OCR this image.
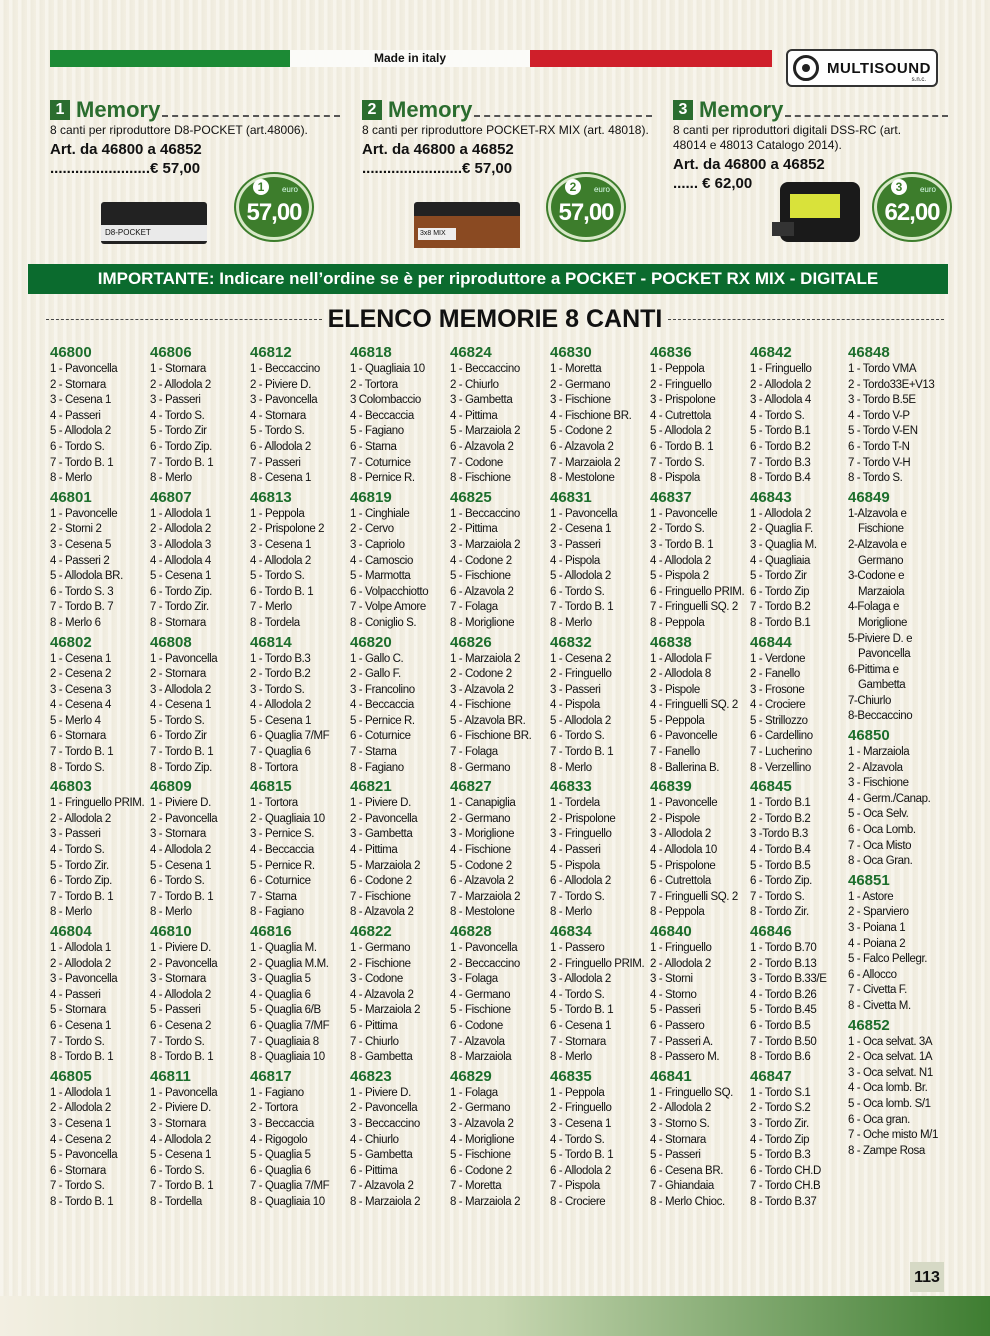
Made in italy
MULTISOUND
s.n.c.
1 Memory
8 canti per riproduttore D8-POCKET (art.48006).
Art. da 46800 a 46852
........................€ 57,00
1	euro
57,00
D8-POCKET
2 Memory
8 canti per riproduttore POCKET-RX MIX (art. 48018).
Art. da 46800 a 46852
........................€ 57,00
2	euro
57,00
3x8 MIX
3 Memory
8 canti per riproduttori digitali DSS-RC (art. 48014 e 48013 Catalogo 2014).
Art. da 46800 a 46852
...... € 62,00	3	euro
62,00
IMPORTANTE: Indicare nell’ordine se è per riproduttore a POCKET - POCKET RX MIX - DIGITALE
ELENCO MEMORIE 8 CANTI
46800
1 - Pavoncella
2 - Stornara
3 - Cesena 1
4 - Passeri
5 - Allodola 2
6 - Tordo S.
7 - Tordo B. 1
8 - Merlo
46801
1 - Pavoncelle
2 - Storni 2
3 - Cesena 5
4 - Passeri 2
5 - Allodola BR.
6 - Tordo S. 3
7 - Tordo B. 7
8 - Merlo 6
46802
1 - Cesena 1
2 - Cesena 2
3 - Cesena 3
4 - Cesena 4
5 - Merlo 4
6 - Stornara
7 - Tordo B. 1
8 - Tordo S.
46803
1 - Fringuello PRIM.
2 - Allodola 2
3 - Passeri
4 - Tordo S.
5 - Tordo Zir.
6 - Tordo Zip.
7 - Tordo B. 1
8 - Merlo
46804
1 - Allodola 1
2 - Allodola 2
3 - Pavoncella
4 - Passeri
5 - Stornara
6 - Cesena 1
7 - Tordo S.
8 - Tordo B. 1
46805
1 - Allodola 1
2 - Allodola 2
3 - Cesena 1
4 - Cesena 2
5 - Pavoncella
6 - Stornara
7 - Tordo S.
8 - Tordo B. 1
46806
1 - Stornara
2 - Allodola 2
3 - Passeri
4 - Tordo S.
5 - Tordo Zir
6 - Tordo Zip.
7 - Tordo B. 1
8 - Merlo
46807
1 - Allodola 1
2 - Allodola 2
3 - Allodola 3
4 - Allodola 4
5 - Cesena 1
6 - Tordo Zip.
7 - Tordo Zir.
8 - Stornara
46808
1 - Pavoncella
2 - Stornara
3 - Allodola 2
4 - Cesena 1
5 - Tordo S.
6 - Tordo Zir
7 - Tordo B. 1
8 - Tordo Zip.
46809
1 - Piviere D.
2 - Pavoncella
3 - Stornara
4 - Allodola 2
5 - Cesena 1
6 - Tordo S.
7 - Tordo B. 1
8 - Merlo
46810
1 - Piviere D.
2 - Pavoncella
3 - Stornara
4 - Allodola 2
5 - Passeri
6 - Cesena 2
7 - Tordo S.
8 - Tordo B. 1
46811
1 - Pavoncella
2 - Piviere D.
3 - Stornara
4 - Allodola 2
5 - Cesena 1
6 - Tordo S.
7 - Tordo B. 1
8 - Tordella
46812
1 - Beccaccino
2 - Piviere D.
3 - Pavoncella
4 - Stornara
5 - Tordo S.
6 - Allodola 2
7 - Passeri
8 - Cesena 1
46813
1 - Peppola
2 - Prispolone 2
3 - Cesena 1
4 - Allodola 2
5 - Tordo S.
6 - Tordo B. 1
7 - Merlo
8 - Tordela
46814
1 - Tordo B.3
2 - Tordo B.2
3 - Tordo S.
4 - Allodola 2
5 - Cesena 1
6 - Quaglia 7/MF
7 - Quaglia 6
8 - Tortora
46815
1 - Tortora
2 - Quagliaia 10
3 - Pernice S.
4 - Beccaccia
5 - Pernice R.
6 - Coturnice
7 - Starna
8 - Fagiano
46816
1 - Quaglia M.
2 - Quaglia M.M.
3 - Quaglia 5
4 - Quaglia 6
5 - Quaglia 6/B
6 - Quaglia 7/MF
7 - Quagliaia 8
8 - Quagliaia 10
46817
1 - Fagiano
2 - Tortora
3 - Beccaccia
4 - Rigogolo
5 - Quaglia 5
6 - Quaglia 6
7 - Quaglia 7/MF
8 - Quagliaia 10
46818
1 - Quagliaia 10
2 - Tortora
3 Colombaccio
4 - Beccaccia
5 - Fagiano
6 - Starna
7 - Coturnice
8 - Pernice R.
46819
1 - Cinghiale
2 - Cervo
3 - Capriolo
4 - Camoscio
5 - Marmotta
6 - Volpacchiotto
7 - Volpe Amore
8 - Coniglio S.
46820
1 - Gallo C.
2 - Gallo F.
3 - Francolino
4 - Beccaccia
5 - Pernice R.
6 - Coturnice
7 - Starna
8 - Fagiano
46821
1 - Piviere D.
2 - Pavoncella
3 - Gambetta
4 - Pittima
5 - Marzaiola 2
6 - Codone 2
7 - Fischione
8 - Alzavola 2
46822
1 - Germano
2 - Fischione
3 - Codone
4 - Alzavola 2
5 - Marzaiola 2
6 - Pittima
7 - Chiurlo
8 - Gambetta
46823
1 - Piviere D.
2 - Pavoncella
3 - Beccaccino
4 - Chiurlo
5 - Gambetta
6 - Pittima
7 - Alzavola 2
8 - Marzaiola 2
46824
1 - Beccaccino
2 - Chiurlo
3 - Gambetta
4 - Pittima
5 - Marzaiola 2
6 - Alzavola 2
7 - Codone
8 - Fischione
46825
1 - Beccaccino
2 - Pittima
3 - Marzaiola 2
4 - Codone 2
5 - Fischione
6 - Alzavola 2
7 - Folaga
8 - Moriglione
46826
1 - Marzaiola 2
2 - Codone 2
3 - Alzavola 2
4 - Fischione
5 - Alzavola BR.
6 - Fischione BR.
7 - Folaga
8 - Germano
46827
1 - Canapiglia
2 - Germano
3 - Moriglione
4 - Fischione
5 - Codone 2
6 - Alzavola 2
7 - Marzaiola 2
8 - Mestolone
46828
1 - Pavoncella
2 - Beccaccino
3 - Folaga
4 - Germano
5 - Fischione
6 - Codone
7 - Alzavola
8 - Marzaiola
46829
1 - Folaga
2 - Germano
3 - Alzavola 2
4 - Moriglione
5 - Fischione
6 - Codone 2
7 - Moretta
8 - Marzaiola 2
46830
1 - Moretta
2 - Germano
3 - Fischione
4 - Fischione BR.
5 - Codone 2
6 - Alzavola 2
7 - Marzaiola 2
8 - Mestolone
46831
1 - Pavoncella
2 - Cesena 1
3 - Passeri
4 - Pispola
5 - Allodola 2
6 - Tordo S.
7 - Tordo B. 1
8 - Merlo
46832
1 - Cesena 2
2 - Fringuello
3 - Passeri
4 - Pispola
5 - Allodola 2
6 - Tordo S.
7 - Tordo B. 1
8 - Merlo
46833
1 - Tordela
2 - Prispolone
3 - Fringuello
4 - Passeri
5 - Pispola
6 - Allodola 2
7 - Tordo S.
8 - Merlo
46834
1 - Passero
2 - Fringuello PRIM.
3 - Allodola 2
4 - Tordo S.
5 - Tordo B. 1
6 - Cesena 1
7 - Stornara
8 - Merlo
46835
1 - Peppola
2 - Fringuello
3 - Cesena 1
4 - Tordo S.
5 - Tordo B. 1
6 - Allodola 2
7 - Pispola
8 - Crociere
46836
1 - Peppola
2 - Fringuello
3 - Prispolone
4 - Cutrettola
5 - Allodola 2
6 - Tordo B. 1
7 - Tordo S.
8 - Pispola
46837
1 - Pavoncelle
2 - Tordo S.
3 - Tordo B. 1
4 - Allodola 2
5 - Pispola 2
6 - Fringuello PRIM.
7 - Fringuelli SQ. 2
8 - Peppola
46838
1 - Allodola F
2 - Allodola 8
3 - Pispole
4 - Fringuelli SQ. 2
5 - Peppola
6 - Pavoncelle
7 - Fanello
8 - Ballerina B.
46839
1 - Pavoncelle
2 - Pispole
3 - Allodola 2
4 - Allodola 10
5 - Prispolone
6 - Cutrettola
7 - Fringuelli SQ. 2
8 - Peppola
46840
1 - Fringuello
2 - Allodola 2
3 - Storni
4 - Storno
5 - Passeri
6 - Passero
7 - Passeri A.
8 - Passero M.
46841
1 - Fringuello SQ.
2 - Allodola 2
3 - Storno S.
4 - Stornara
5 - Passeri
6 - Cesena BR.
7 - Ghiandaia
8 - Merlo Chioc.
46842
1 - Fringuello
2 - Allodola 2
3 - Allodola 4
4 - Tordo S.
5 - Tordo B.1
6 - Tordo B.2
7 - Tordo B.3
8 - Tordo B.4
46843
1 - Allodola 2
2 - Quaglia F.
3 - Quaglia M.
4 - Quagliaia
5 - Tordo Zir
6 - Tordo Zip
7 - Tordo B.2
8 - Tordo B.1
46844
1 - Verdone
2 - Fanello
3 - Frosone
4 - Crociere
5 - Strillozzo
6 - Cardellino
7 - Lucherino
8 - Verzellino
46845
1 - Tordo B.1
2 - Tordo B.2
3 -Tordo B.3
4 - Tordo B.4
5 - Tordo B.5
6 - Tordo Zip.
7 - Tordo S.
8 - Tordo Zir.
46846
1 - Tordo B.70
2 - Tordo B.13
3 - Tordo B.33/E
4 - Tordo B.26
5 - Tordo B.45
6 - Tordo B.5
7 - Tordo B.50
8 - Tordo B.6
46847
1 - Tordo S.1
2 - Tordo S.2
3 - Tordo Zir.
4 - Tordo Zip
5 - Tordo B.3
6 - Tordo CH.D
7 - Tordo CH.B
8 - Tordo B.37
46848
1 - Tordo VMA
2 - Tordo33E+V13
3 - Tordo B.5E
4 - Tordo V-P
5 - Tordo V-EN
6 - Tordo T-N
7 - Tordo V-H
8 - Tordo S.
46849
1-Alzavola e
Fischione
2-Alzavola e
Germano
3-Codone e
Marzaiola
4-Folaga e
Moriglione
5-Piviere D. e
Pavoncella
6-Pittima e
Gambetta
7-Chiurlo
8-Beccaccino
46850
1 - Marzaiola
2 - Alzavola
3 - Fischione
4 - Germ./Canap.
5 - Oca Selv.
6 - Oca Lomb.
7 - Oca Misto
8 - Oca Gran.
46851
1 - Astore
2 - Sparviero
3 - Poiana 1
4 - Poiana 2
5 - Falco Pellegr.
6 - Allocco
7 - Civetta F.
8 - Civetta M.
46852
1 - Oca selvat. 3A
2 - Oca selvat. 1A
3 - Oca selvat. N1
4 - Oca lomb. Br.
5 - Oca lomb. S/1
6 - Oca gran.
7 - Oche misto M/1
8 - Zampe Rosa
113
